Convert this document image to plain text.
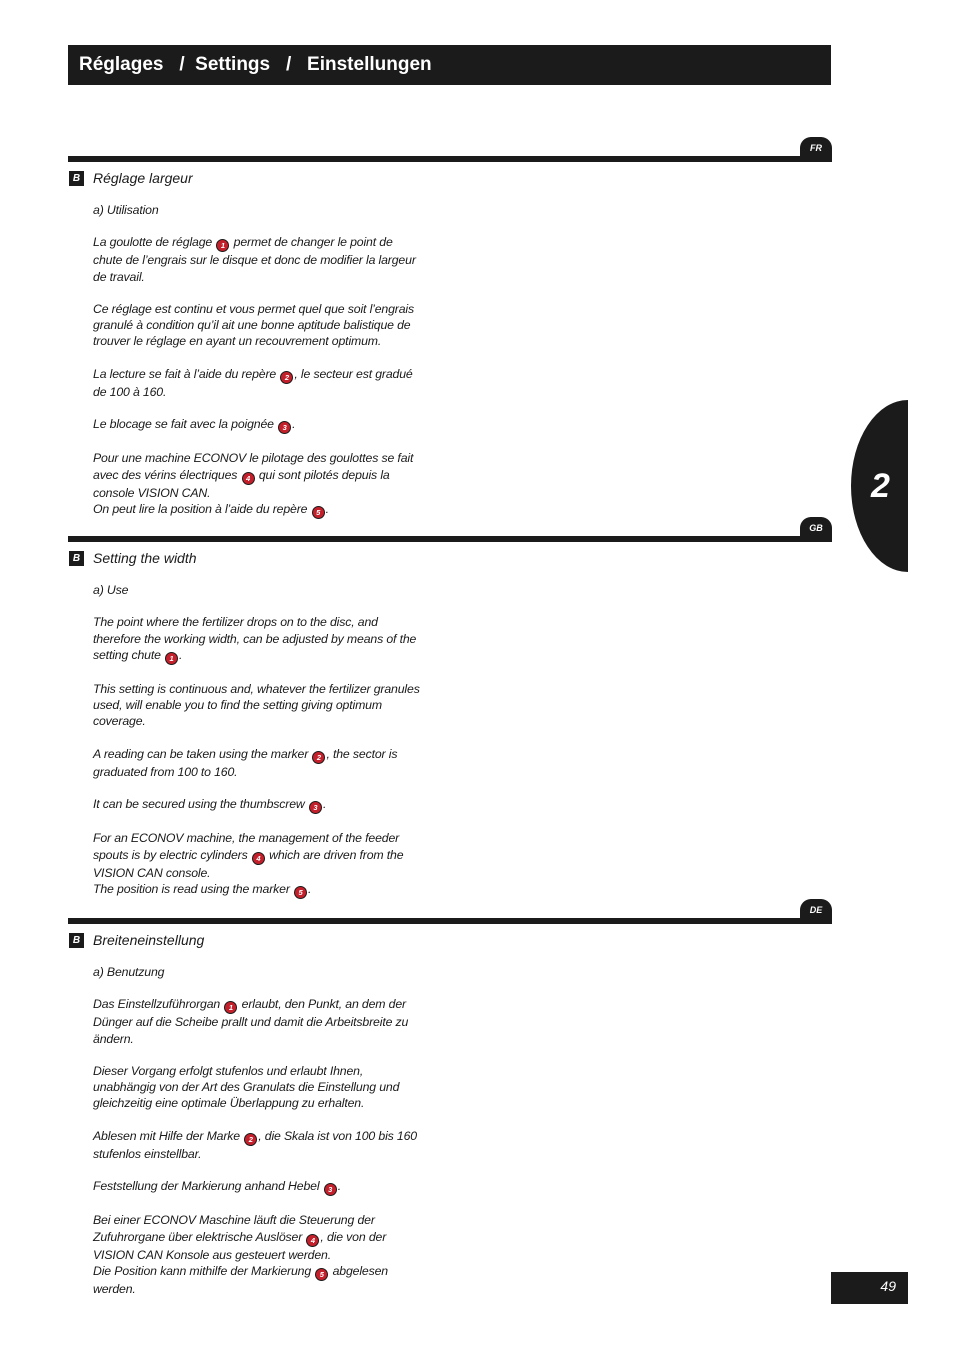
Réglages   /  Settings   /   Einstellungen
FR
B Réglage largeur

a) Utilisation

La goulotte de réglage 1 permet de changer le point de chute de l’engrais sur le disque et donc de modifier la largeur de travail.

Ce réglage est continu et vous permet quel que soit l’engrais granulé à condition qu’il ait une bonne aptitude balistique de trouver le réglage en ayant un recouvrement optimum.

La lecture se fait à l’aide du repère 2 , le secteur est gradué de 100 à 160.

Le blocage se fait avec la poignée 3 .

Pour une machine ECONOV le pilotage des goulottes se fait avec des vérins électriques 4 qui sont pilotés depuis la console VISION CAN.
On peut lire la position à l’aide du repère 5 .

GB
B Setting the width

a) Use

The point where the fertilizer drops on to the disc, and therefore the working width, can be adjusted by means of the setting chute 1 .

This setting is continuous and, whatever the fertilizer granules used, will enable you to find the setting giving optimum coverage.

A reading can be taken using the marker 2 , the sector is graduated from 100 to 160.

It can be secured using the thumbscrew 3 .

For an ECONOV machine, the management of the feeder spouts is by electric cylinders 4 which are driven from the VISION CAN console.
The position is read using the marker 5 .

DE
B Breiteneinstellung

a) Benutzung

Das Einstellzuführorgan 1 erlaubt, den Punkt, an dem der Dünger auf die Scheibe prallt und damit die Arbeitsbreite zu ändern.

Dieser Vorgang erfolgt stufenlos und erlaubt Ihnen, unabhängig von der Art des Granulats die Einstellung und gleichzeitig eine optimale Überlappung zu erhalten.

Ablesen mit Hilfe der Marke 2 , die Skala ist von 100 bis 160 stufenlos einstellbar.

Feststellung der Markierung anhand Hebel 3 .

Bei einer ECONOV Maschine läuft die Steuerung der Zufuhrorgane über elektrische Auslöser 4 , die von der VISION CAN Konsole aus gesteuert werden.
Die Position kann mithilfe der Markierung 5 abgelesen werden.

2
49
